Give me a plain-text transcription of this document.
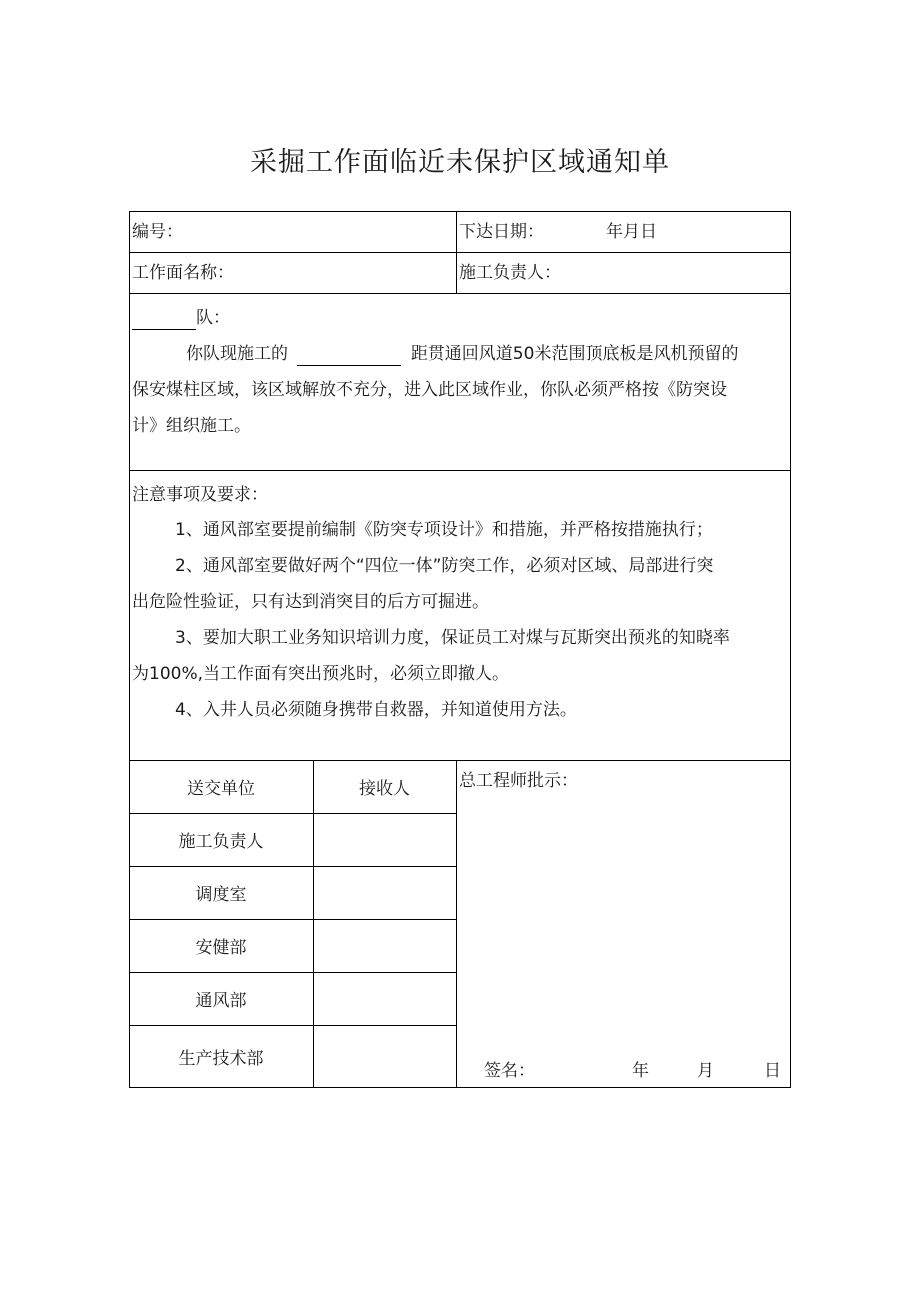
采掘工作面临近未保护区域通知单
编号：	下达日期：	年月日
工作面名称：	施工负责人：
队：
你队现施工的	距贯通回风道50米范围顶底板是风机预留的
保安煤柱区域，该区域解放不充分，进入此区域作业，你队必须严格按《防突设
计》组织施工。
注意事项及要求：
1、通风部室要提前编制《防突专项设计》和措施，并严格按措施执行；
2、通风部室要做好两个“四位一体”防突工作，必须对区域、局部进行突
出危险性验证，只有达到消突目的后方可掘进。
3、要加大职工业务知识培训力度，保证员工对煤与瓦斯突出预兆的知晓率
为100%,当工作面有突出预兆时，必须立即撤人。
4、入井人员必须随身携带自救器，并知道使用方法。
送交单位	接收人
施工负责人
调度室
安健部
通风部
生产技术部
总工程师批示：
签名：	年	月	日
